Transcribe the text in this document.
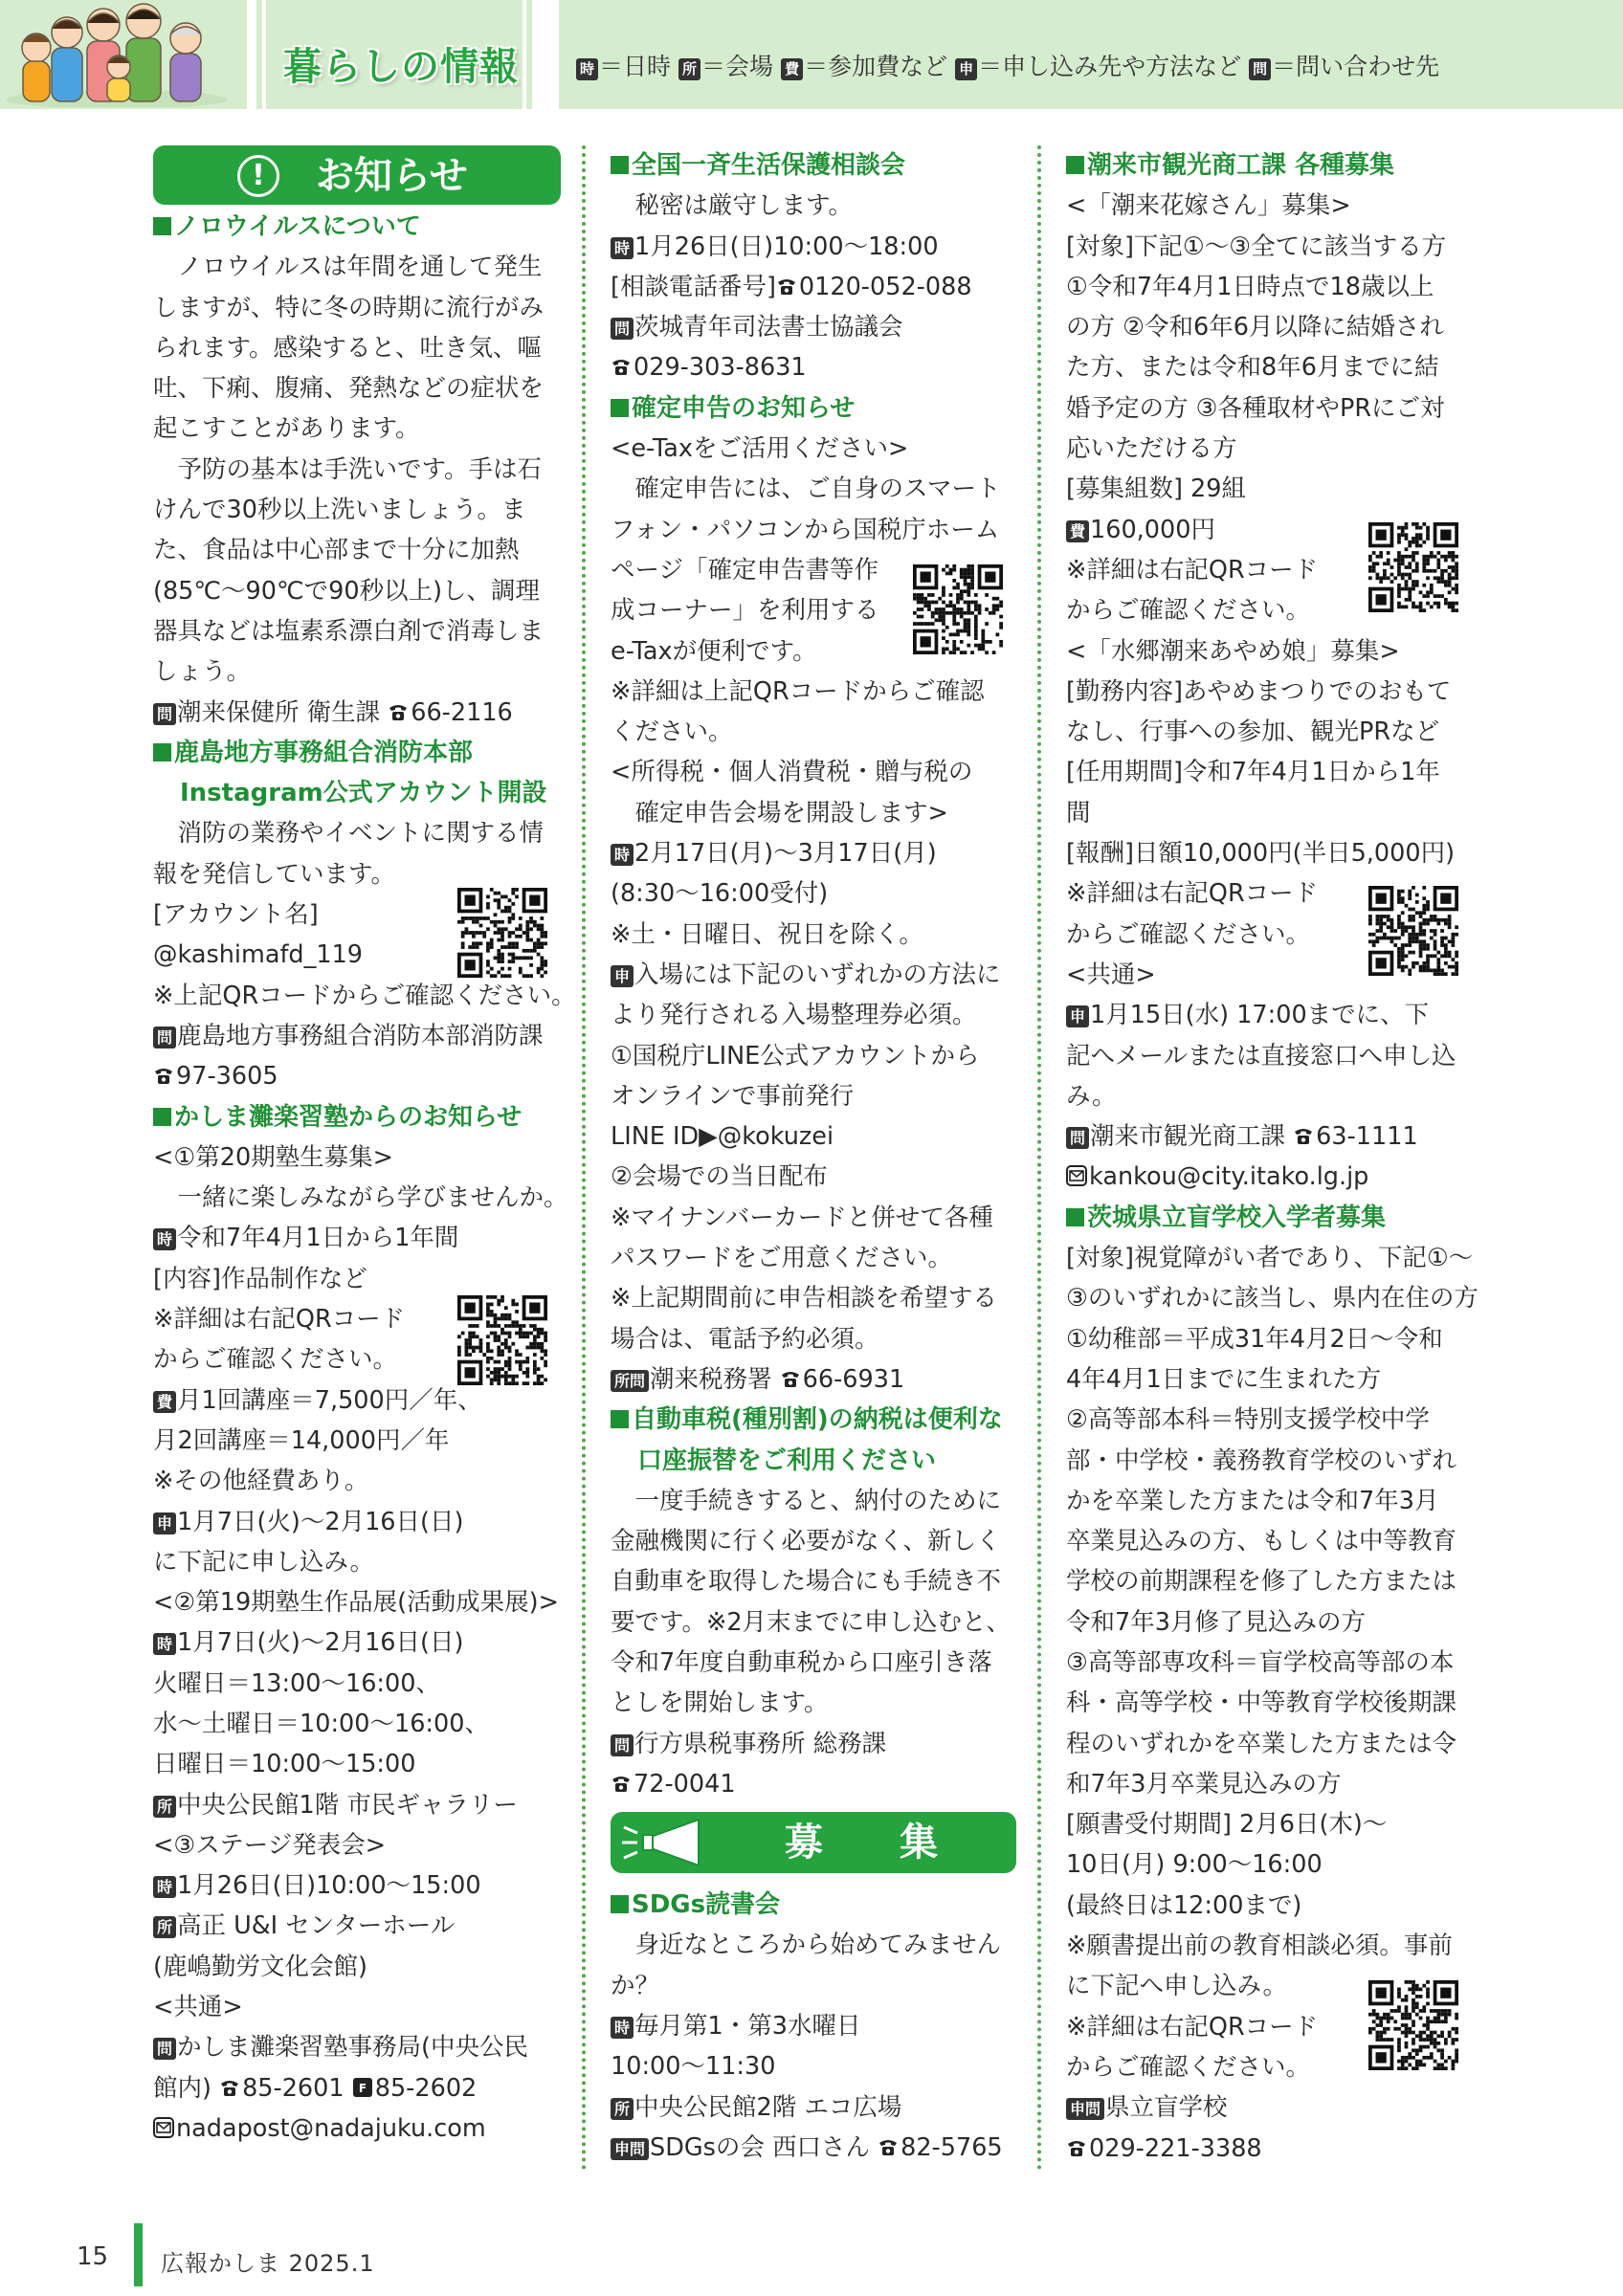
暮らしの情報	時 ＝日時 所 ＝会場 費 ＝参加費など 申 ＝申し込み先や方法など 問 ＝問い合わせ先
!	お知らせ
ノロウイルスについて
　ノロウイルスは年間を通して発生
しますが、特に冬の時期に流行がみ
られます。感染すると、吐き気、嘔
吐、下痢、腹痛、発熱などの症状を
起こすことがあります。
　予防の基本は手洗いです。手は石
けんで30秒以上洗いましょう。ま
た、食品は中心部まで十分に加熱
(85℃～90℃で90秒以上)し、調理
器具などは塩素系漂白剤で消毒しま
しょう。
問 潮来保健所 衛生課 66-2116
鹿島地方事務組合消防本部
Instagram公式アカウント開設
　消防の業務やイベントに関する情
報を発信しています。
[アカウント名]
@kashimafd_119
※上記QRコードからご確認ください。
問 鹿島地方事務組合消防本部消防課
97-3605
かしま灘楽習塾からのお知らせ
<①第20期塾生募集>
　一緒に楽しみながら学びませんか。
時 令和7年4月1日から1年間
[内容]作品制作など
※詳細は右記QRコード
からご確認ください。
費 月1回講座＝7,500円／年、
月2回講座＝14,000円／年
※その他経費あり。
申 1月7日(火)～2月16日(日)
に下記に申し込み。
<②第19期塾生作品展(活動成果展)>
時 1月7日(火)～2月16日(日)
火曜日＝13:00～16:00、
水～土曜日＝10:00～16:00、
日曜日＝10:00～15:00
所 中央公民館1階 市民ギャラリー
<③ステージ発表会>
時 1月26日(日)10:00～15:00
所 高正 U&I センターホール
(鹿嶋勤労文化会館)
<共通>
問 かしま灘楽習塾事務局(中央公民
館内) 85-2601 F 85-2602
nadapost@nadajuku.com
全国一斉生活保護相談会
　秘密は厳守します。
時 1月26日(日)10:00～18:00
[相談電話番号] 0120-052-088
問 茨城青年司法書士協議会
029-303-8631
確定申告のお知らせ
<e-Taxをご活用ください>
　確定申告には、ご自身のスマート
フォン・パソコンから国税庁ホーム
ページ「確定申告書等作
成コーナー」を利用する
e-Taxが便利です。
※詳細は上記QRコードからご確認
ください。
<所得税・個人消費税・贈与税の
　確定申告会場を開設します>
時 2月17日(月)～3月17日(月)
(8:30～16:00受付)
※土・日曜日、祝日を除く。
申 入場には下記のいずれかの方法に
より発行される入場整理券必須。
①国税庁LINE公式アカウントから
オンラインで事前発行
LINE ID▶@kokuzei
②会場での当日配布
※マイナンバーカードと併せて各種
パスワードをご用意ください。
※上記期間前に申告相談を希望する
場合は、電話予約必須。
所問 潮来税務署 66-6931
自動車税(種別割)の納税は便利な
口座振替をご利用ください
　一度手続きすると、納付のために
金融機関に行く必要がなく、新しく
自動車を取得した場合にも手続き不
要です。※2月末までに申し込むと、
令和7年度自動車税から口座引き落
としを開始します。
問 行方県税事務所 総務課
72-0041
募　　集
SDGs読書会
　身近なところから始めてみません
か？
時 毎月第1・第3水曜日
10:00～11:30
所 中央公民館2階 エコ広場
申問 SDGsの会 西口さん 82-5765
潮来市観光商工課 各種募集
<「潮来花嫁さん」募集>
[対象]下記①～③全てに該当する方
①令和7年4月1日時点で18歳以上
の方 ②令和6年6月以降に結婚され
た方、または令和8年6月までに結
婚予定の方 ③各種取材やPRにご対
応いただける方
[募集組数] 29組
費 160,000円
※詳細は右記QRコード
からご確認ください。
<「水郷潮来あやめ娘」募集>
[勤務内容]あやめまつりでのおもて
なし、行事への参加、観光PRなど
[任用期間]令和7年4月1日から1年
間
[報酬]日額10,000円(半日5,000円)
※詳細は右記QRコード
からご確認ください。
<共通>
申 1月15日(水) 17:00までに、下
記へメールまたは直接窓口へ申し込
み。
問 潮来市観光商工課 63-1111
kankou@city.itako.lg.jp
茨城県立盲学校入学者募集
[対象]視覚障がい者であり、下記①～
③のいずれかに該当し、県内在住の方
①幼稚部＝平成31年4月2日～令和
4年4月1日までに生まれた方
②高等部本科＝特別支援学校中学
部・中学校・義務教育学校のいずれ
かを卒業した方または令和7年3月
卒業見込みの方、もしくは中等教育
学校の前期課程を修了した方または
令和7年3月修了見込みの方
③高等部専攻科＝盲学校高等部の本
科・高等学校・中等教育学校後期課
程のいずれかを卒業した方または令
和7年3月卒業見込みの方
[願書受付期間] 2月6日(木)～
10日(月) 9:00～16:00
(最終日は12:00まで)
※願書提出前の教育相談必須。事前
に下記へ申し込み。
※詳細は右記QRコード
からご確認ください。
申問 県立盲学校
029-221-3388
15 広報かしま 2025.1
